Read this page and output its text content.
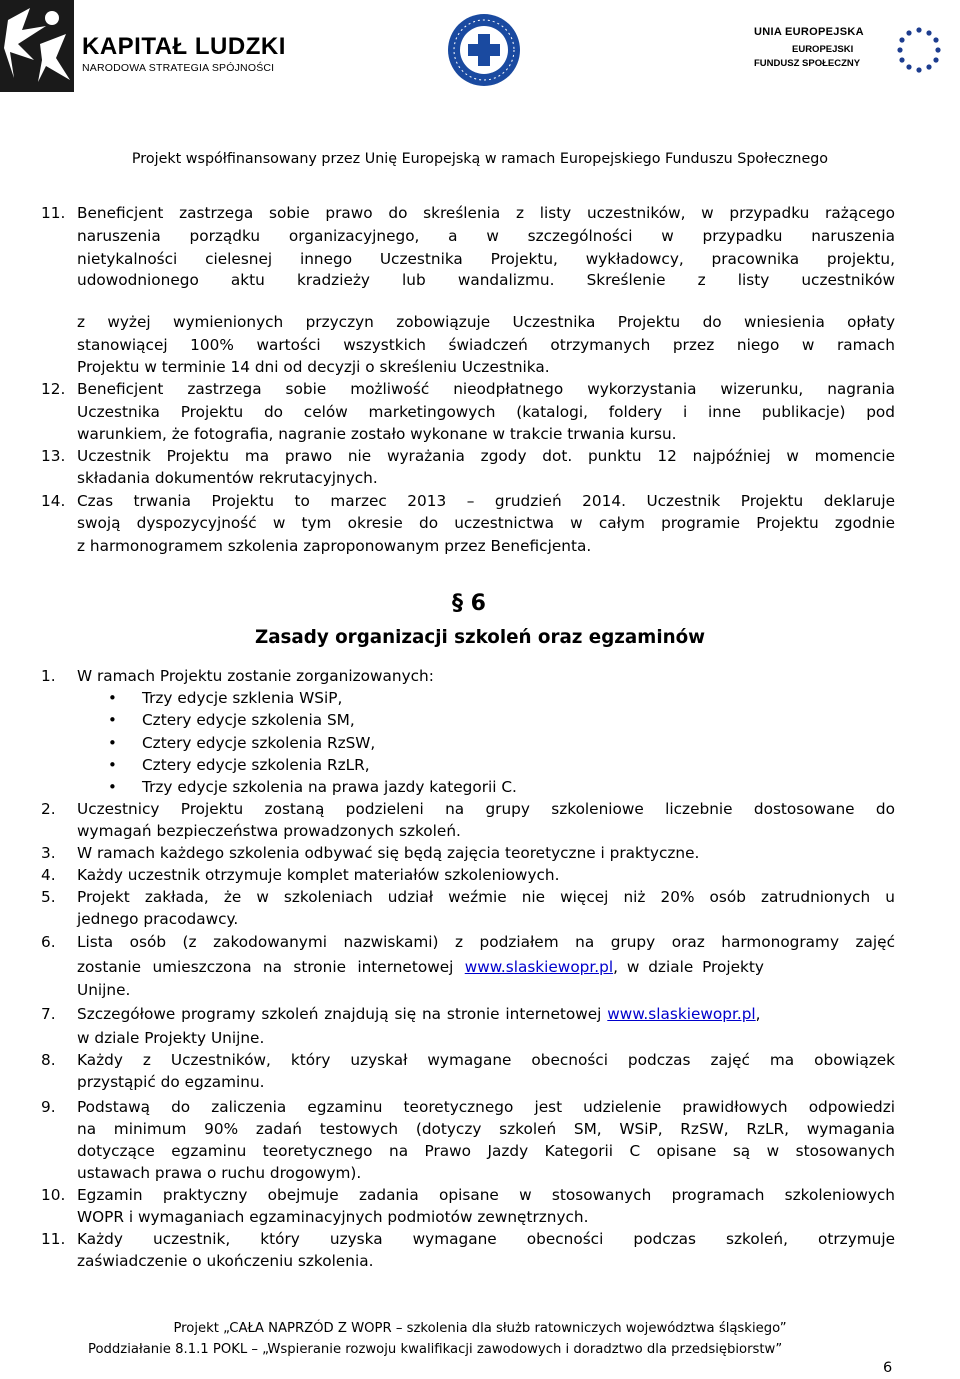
KAPITAŁ LUDZKI
NARODOWA STRATEGIA SPÓJNOŚCI
UNIA EUROPEJSKA
EUROPEJSKI
FUNDUSZ SPOŁECZNY
Projekt współfinansowany przez Unię Europejską w ramach Europejskiego Funduszu Społecznego
11. Beneficjent zastrzega sobie prawo do skreślenia z listy uczestników, w przypadku rażącego
naruszenia porządku organizacyjnego, a w szczególności w przypadku naruszenia
nietykalności cielesnej innego Uczestnika Projektu, wykładowcy, pracownika projektu,
udowodnionego aktu kradzieży lub wandalizmu. Skreślenie z listy uczestników
z wyżej wymienionych przyczyn zobowiązuje Uczestnika Projektu do wniesienia opłaty
stanowiącej 100% wartości wszystkich świadczeń otrzymanych przez niego w ramach
Projektu w terminie 14 dni od decyzji o skreśleniu Uczestnika.
12. Beneficjent zastrzega sobie możliwość nieodpłatnego wykorzystania wizerunku, nagrania
Uczestnika Projektu do celów marketingowych (katalogi, foldery i inne publikacje) pod
warunkiem, że fotografia, nagranie zostało wykonane w trakcie trwania kursu.
13. Uczestnik Projektu ma prawo nie wyrażania zgody dot. punktu 12 najpóźniej w momencie
składania dokumentów rekrutacyjnych.
14. Czas trwania Projektu to marzec 2013 – grudzień 2014. Uczestnik Projektu deklaruje
swoją dyspozycyjność w tym okresie do uczestnictwa w całym programie Projektu zgodnie
z harmonogramem szkolenia zaproponowanym przez Beneficjenta.
§ 6
Zasady organizacji szkoleń oraz egzaminów
1. W ramach Projektu zostanie zorganizowanych:
• Trzy edycje szklenia WSiP,
• Cztery edycje szkolenia SM,
• Cztery edycje szkolenia RzSW,
• Cztery edycje szkolenia RzLR,
• Trzy edycje szkolenia na prawa jazdy kategorii C.
2. Uczestnicy Projektu zostaną podzieleni na grupy szkoleniowe liczebnie dostosowane do
wymagań bezpieczeństwa prowadzonych szkoleń.
3. W ramach każdego szkolenia odbywać się będą zajęcia teoretyczne i praktyczne.
4. Każdy uczestnik otrzymuje komplet materiałów szkoleniowych.
5. Projekt zakłada, że w szkoleniach udział weźmie nie więcej niż 20% osób zatrudnionych u
jednego pracodawcy.
6. Lista osób (z zakodowanymi nazwiskami) z podziałem na grupy oraz harmonogramy zajęć
zostanie umieszczona na stronie internetowej www.slaskiewopr.pl , w dziale Projekty
Unijne.
7. Szczegółowe programy szkoleń znajdują się na stronie internetowej www.slaskiewopr.pl ,
w dziale Projekty Unijne.
8. Każdy z Uczestników, który uzyskał wymagane obecności podczas zajęć ma obowiązek
przystąpić do egzaminu.
9. Podstawą do zaliczenia egzaminu teoretycznego jest udzielenie prawidłowych odpowiedzi
na minimum 90% zadań testowych (dotyczy szkoleń SM, WSiP, RzSW, RzLR, wymagania
dotyczące egzaminu teoretycznego na Prawo Jazdy Kategorii C opisane są w stosowanych
ustawach prawa o ruchu drogowym).
10. Egzamin praktyczny obejmuje zadania opisane w stosowanych programach szkoleniowych
WOPR i wymaganiach egzaminacyjnych podmiotów zewnętrznych.
11. Każdy uczestnik, który uzyska wymagane obecności podczas szkoleń, otrzymuje
zaświadczenie o ukończeniu szkolenia.
Projekt „CAŁA NAPRZÓD Z WOPR – szkolenia dla służb ratowniczych województwa śląskiego”
Poddziałanie 8.1.1 POKL – „Wspieranie rozwoju kwalifikacji zawodowych i doradztwo dla przedsiębiorstw”
6
